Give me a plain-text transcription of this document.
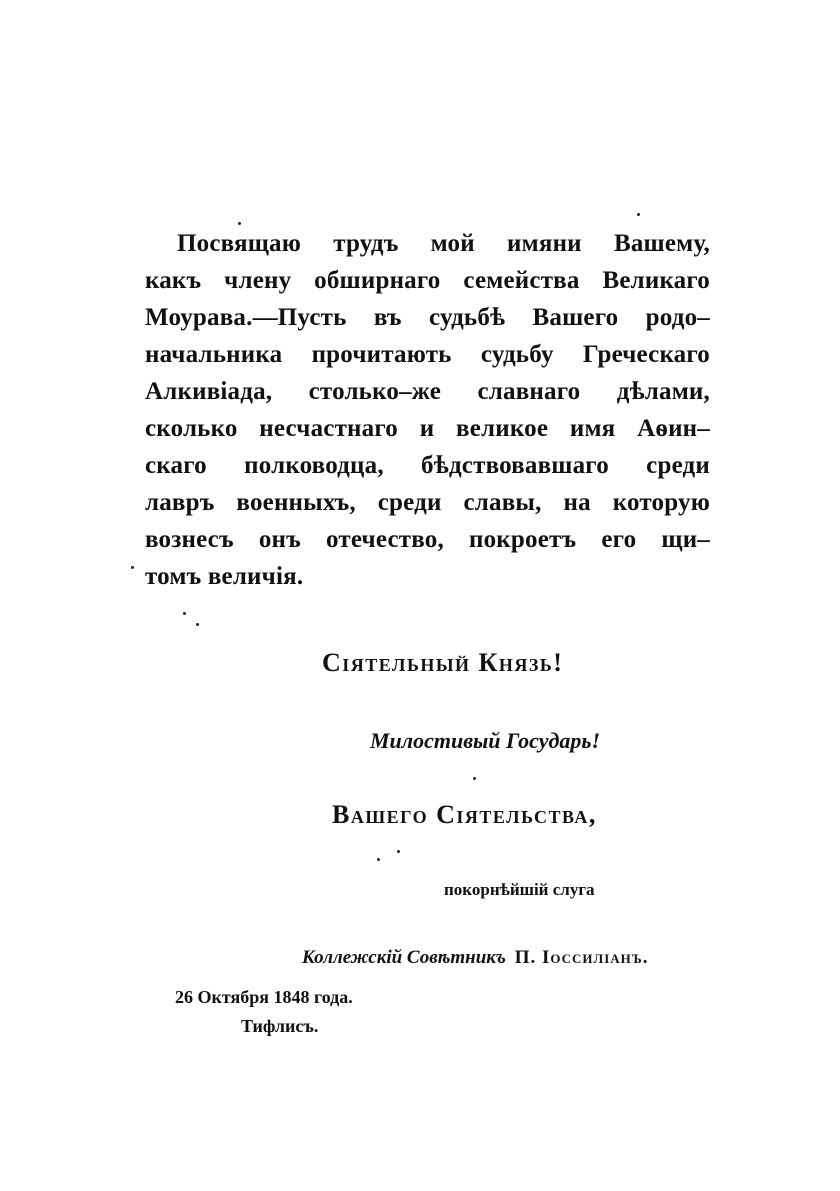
Посвящаю трудъ мой имяни Вашему,
какъ члену обширнаго семейства Великаго
Моурава.—Пусть въ судьбѣ Вашего родо–
начальника прочитають судьбу Греческаго
Алкивіада, столько–же славнаго дѣлами,
сколько несчастнаго и великое имя Аѳин–
скаго полководца, бѣдствовавшаго среди
лавръ военныхъ, среди славы, на которую
вознесъ онъ отечество, покроетъ его щи–
томъ величія.
Сіятельный Князь!
Милостивый Государь!
Вашего Сіятельства,
покорнѣйшій слуга
Коллежскій Совѣтникъ П. Іоссиліанъ.
26 Октября 1848 года.
Тифлисъ.
